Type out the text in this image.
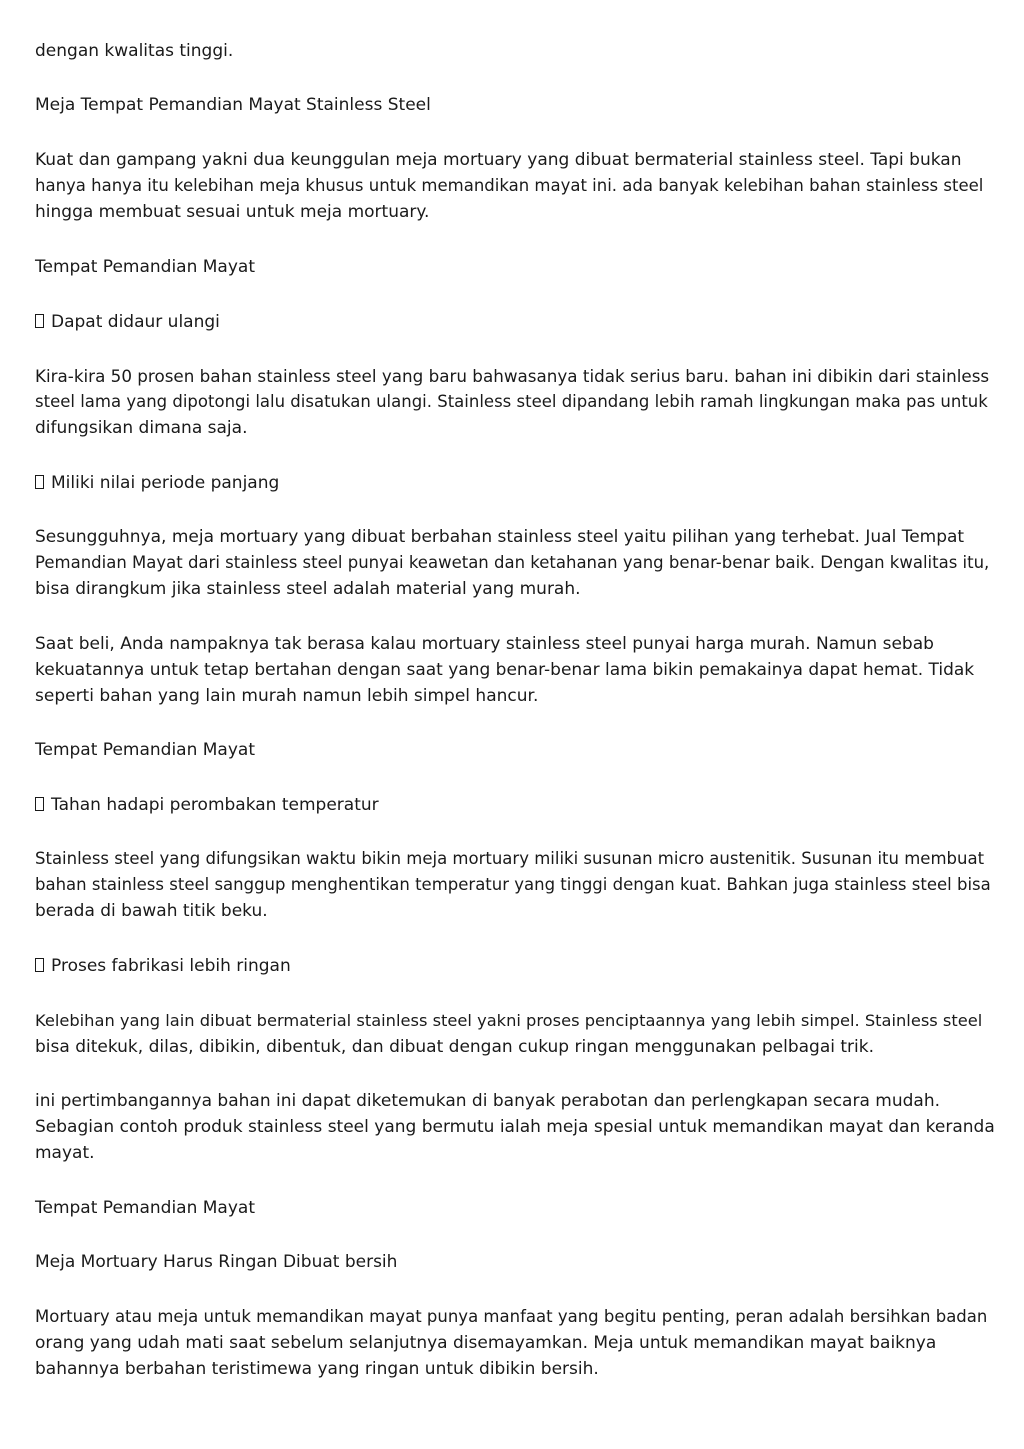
dengan kwalitas tinggi.
Meja Tempat Pemandian Mayat Stainless Steel
Kuat dan gampang yakni dua keunggulan meja mortuary yang dibuat bermaterial stainless steel. Tapi bukan
hanya hanya itu kelebihan meja khusus untuk memandikan mayat ini. ada banyak kelebihan bahan stainless steel
hingga membuat sesuai untuk meja mortuary.
Tempat Pemandian Mayat
Dapat didaur ulangi
Kira-kira 50 prosen bahan stainless steel yang baru bahwasanya tidak serius baru. bahan ini dibikin dari stainless
steel lama yang dipotongi lalu disatukan ulangi. Stainless steel dipandang lebih ramah lingkungan maka pas untuk
difungsikan dimana saja.
Miliki nilai periode panjang
Sesungguhnya, meja mortuary yang dibuat berbahan stainless steel yaitu pilihan yang terhebat. Jual Tempat
Pemandian Mayat dari stainless steel punyai keawetan dan ketahanan yang benar-benar baik. Dengan kwalitas itu,
bisa dirangkum jika stainless steel adalah material yang murah.
Saat beli, Anda nampaknya tak berasa kalau mortuary stainless steel punyai harga murah. Namun sebab
kekuatannya untuk tetap bertahan dengan saat yang benar-benar lama bikin pemakainya dapat hemat. Tidak
seperti bahan yang lain murah namun lebih simpel hancur.
Tempat Pemandian Mayat
Tahan hadapi perombakan temperatur
Stainless steel yang difungsikan waktu bikin meja mortuary miliki susunan micro austenitik. Susunan itu membuat
bahan stainless steel sanggup menghentikan temperatur yang tinggi dengan kuat. Bahkan juga stainless steel bisa
berada di bawah titik beku.
Proses fabrikasi lebih ringan
Kelebihan yang lain dibuat bermaterial stainless steel yakni proses penciptaannya yang lebih simpel. Stainless steel
bisa ditekuk, dilas, dibikin, dibentuk, dan dibuat dengan cukup ringan menggunakan pelbagai trik.
ini pertimbangannya bahan ini dapat diketemukan di banyak perabotan dan perlengkapan secara mudah.
Sebagian contoh produk stainless steel yang bermutu ialah meja spesial untuk memandikan mayat dan keranda
mayat.
Tempat Pemandian Mayat
Meja Mortuary Harus Ringan Dibuat bersih
Mortuary atau meja untuk memandikan mayat punya manfaat yang begitu penting, peran adalah bersihkan badan
orang yang udah mati saat sebelum selanjutnya disemayamkan. Meja untuk memandikan mayat baiknya
bahannya berbahan teristimewa yang ringan untuk dibikin bersih.
